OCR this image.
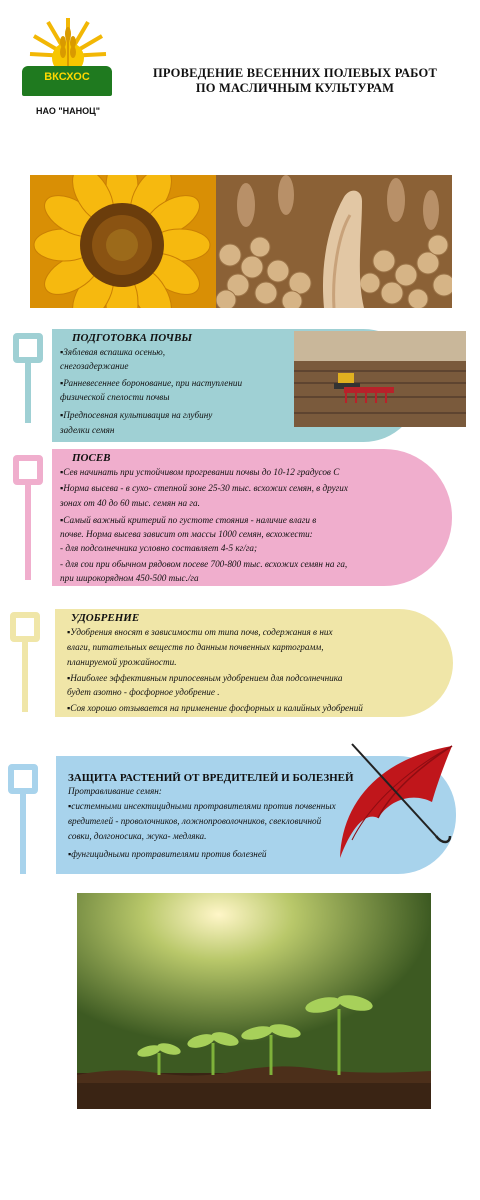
ВКСХОС
НАО "НАНОЦ"
ПРОВЕДЕНИЕ ВЕСЕННИХ ПОЛЕВЫХ РАБОТ
ПО МАСЛИЧНЫМ КУЛЬТУРАМ
ПОДГОТОВКА ПОЧВЫ
▪Зяблевая вспашка осенью,
снегозадержание
▪Ранневесеннее боронование, при наступлении
физической спелости почвы
▪Предпосевная культивация на глубину
заделки семян
ПОСЕВ
▪Сев начинать при устойчивом прогревании почвы до 10-12 градусов С
▪Норма высева - в сухо- степной зоне 25-30 тыс. всхожих семян, в других
зонах от 40 до 60 тыс. семян на га.
▪Самый важный критерий по густоте стояния - наличие влаги в
почве. Норма высева зависит от массы 1000 семян, всхожести:
- для подсолнечника условно составляет 4-5 кг/га;
- для сои при обычном рядовом посеве 700-800 тыс. всхожих семян на га,
при широкорядном 450-500 тыс./га
УДОБРЕНИЕ
▪Удобрения вносят в зависимости от типа почв, содержания в них
влаги, питательных веществ по данным почвенных картограмм,
планируемой урожайности.
▪Наиболее эффективным припосевным удобрением для подсолнечника
будет азотно - фосфорное удобрение .
▪Соя хорошо отзывается на применение фосфорных и калийных удобрений
ЗАЩИТА РАСТЕНИЙ ОТ ВРЕДИТЕЛЕЙ И БОЛЕЗНЕЙ
Протравливание семян:
▪системными инсектицидными протравителями против почвенных
вредителей - проволочников, ложнопроволочников, свекловичной
совки, долгоносика, жука- медляка.
▪фунгицидными протравителями против болезней
